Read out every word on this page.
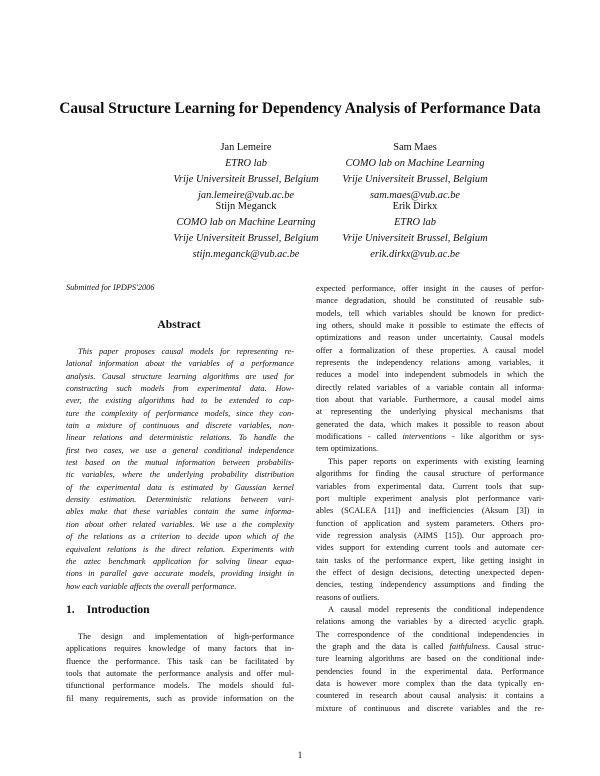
Causal Structure Learning for Dependency Analysis of Performance Data
Jan Lemeire
ETRO lab
Vrije Universiteit Brussel, Belgium
jan.lemeire@vub.ac.be
Sam Maes
COMO lab on Machine Learning
Vrije Universiteit Brussel, Belgium
sam.maes@vub.ac.be
Stijn Meganck
COMO lab on Machine Learning
Vrije Universiteit Brussel, Belgium
stijn.meganck@vub.ac.be
Erik Dirkx
ETRO lab
Vrije Universiteit Brussel, Belgium
erik.dirkx@vub.ac.be
Submitted for IPDPS'2006
Abstract
This paper proposes causal models for representing re-
lational information about the variables of a performance
analysis. Causal structure learning algorithms are used for
constructing such models from experimental data. How-
ever, the existing algorithms had to be extended to cap-
ture the complexity of performance models, since they con-
tain a mixture of continuous and discrete variables, non-
linear relations and deterministic relations. To handle the
first two cases, we use a general conditional independence
test based on the mutual information between probabilis-
tic variables, where the underlying probability distribution
of the experimental data is estimated by Gaussian kernel
density estimation. Deterministic relations between vari-
ables make that these variables contain the same informa-
tion about other related variables. We use a the complexity
of the relations as a criterion to decide upon which of the
equivalent relations is the direct relation. Experiments with
the aztec benchmark application for solving linear equa-
tions in parallel gave accurate models, providing insight in
how each variable affects the overall performance.
1. Introduction
The design and implementation of high-performance
applications requires knowledge of many factors that in-
fluence the performance. This task can be facilitated by
tools that automate the performance analysis and offer mul-
tifunctional performance models. The models should ful-
fil many requirements, such as provide information on the
expected performance, offer insight in the causes of perfor-
mance degradation, should be constituted of reusable sub-
models, tell which variables should be known for predict-
ing others, should make it possible to estimate the effects of
optimizations and reason under uncertainty. Causal models
offer a formalization of these properties. A causal model
represents the independency relations among variables, it
reduces a model into independent submodels in which the
directly related variables of a variable contain all informa-
tion about that variable. Furthermore, a causal model aims
at representing the underlying physical mechanisms that
generated the data, which makes it possible to reason about
modifications - called interventions - like algorithm or sys-
tem optimizations.
This paper reports on experiments with existing learning
algorithms for finding the causal structure of performance
variables from experimental data. Current tools that sup-
port multiple experiment analysis plot performance vari-
ables (SCALEA [11]) and inefficiencies (Aksum [3]) in
function of application and system parameters. Others pro-
vide regression analysis (AIMS [15]). Our approach pro-
vides support for extending current tools and automate cer-
tain tasks of the performance expert, like getting insight in
the effect of design decisions, detecting unexpected depen-
dencies, testing independency assumptions and finding the
reasons of outliers.
A causal model represents the conditional independence
relations among the variables by a directed acyclic graph.
The correspondence of the conditional independencies in
the graph and the data is called faithfulness. Causal struc-
ture learning algorithms are based on the conditional inde-
pendencies found in the experimental data. Performance
data is however more complex than the data typically en-
countered in research about causal analysis: it contains a
mixture of continuous and discrete variables and the re-
1
